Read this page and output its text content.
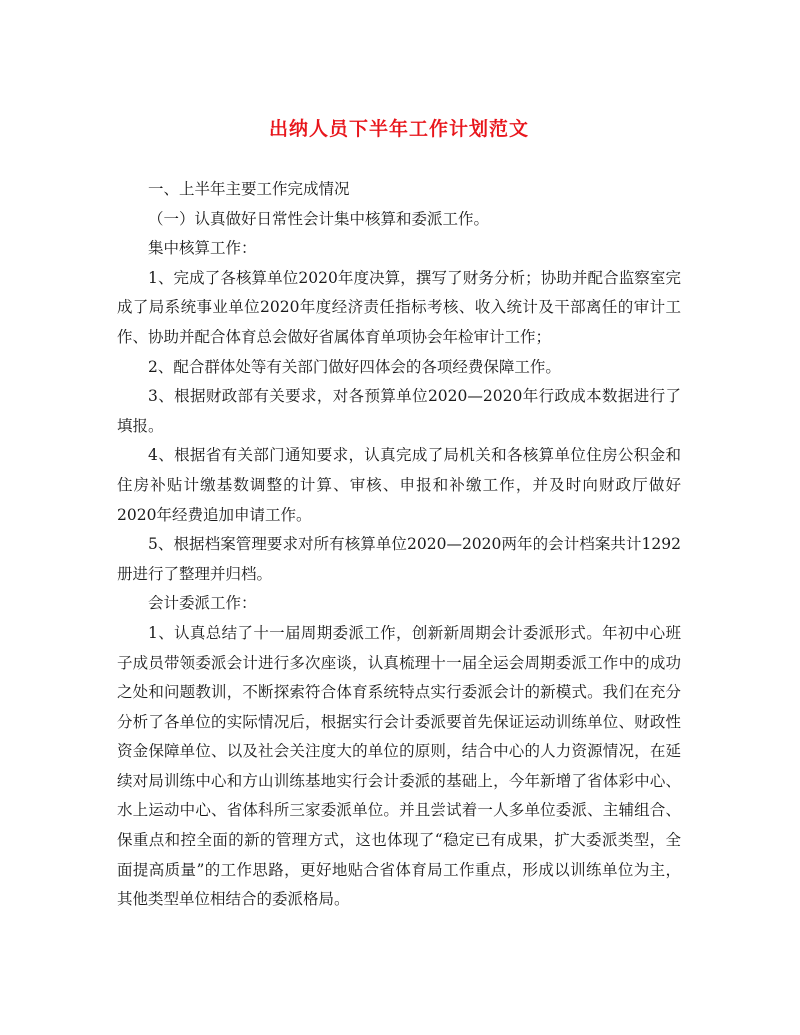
出纳人员下半年工作计划范文

一、上半年主要工作完成情况

（一）认真做好日常性会计集中核算和委派工作。

集中核算工作：

1、完成了各核算单位2020年度决算，撰写了财务分析；协助并配合监察室完成了局系统事业单位2020年度经济责任指标考核、收入统计及干部离任的审计工作、协助并配合体育总会做好省属体育单项协会年检审计工作；

2、配合群体处等有关部门做好四体会的各项经费保障工作。

3、根据财政部有关要求，对各预算单位2020—2020年行政成本数据进行了填报。

4、根据省有关部门通知要求，认真完成了局机关和各核算单位住房公积金和住房补贴计缴基数调整的计算、审核、申报和补缴工作，并及时向财政厅做好2020年经费追加申请工作。

5、根据档案管理要求对所有核算单位2020—2020两年的会计档案共计1292册进行了整理并归档。

会计委派工作：

1、认真总结了十一届周期委派工作，创新新周期会计委派形式。年初中心班子成员带领委派会计进行多次座谈，认真梳理十一届全运会周期委派工作中的成功之处和问题教训，不断探索符合体育系统特点实行委派会计的新模式。我们在充分分析了各单位的实际情况后，根据实行会计委派要首先保证运动训练单位、财政性资金保障单位、以及社会关注度大的单位的原则，结合中心的人力资源情况，在延续对局训练中心和方山训练基地实行会计委派的基础上，今年新增了省体彩中心、水上运动中心、省体科所三家委派单位。并且尝试着一人多单位委派、主辅组合、保重点和控全面的新的管理方式，这也体现了“稳定已有成果，扩大委派类型，全面提高质量”的工作思路，更好地贴合省体育局工作重点，形成以训练单位为主，其他类型单位相结合的委派格局。
